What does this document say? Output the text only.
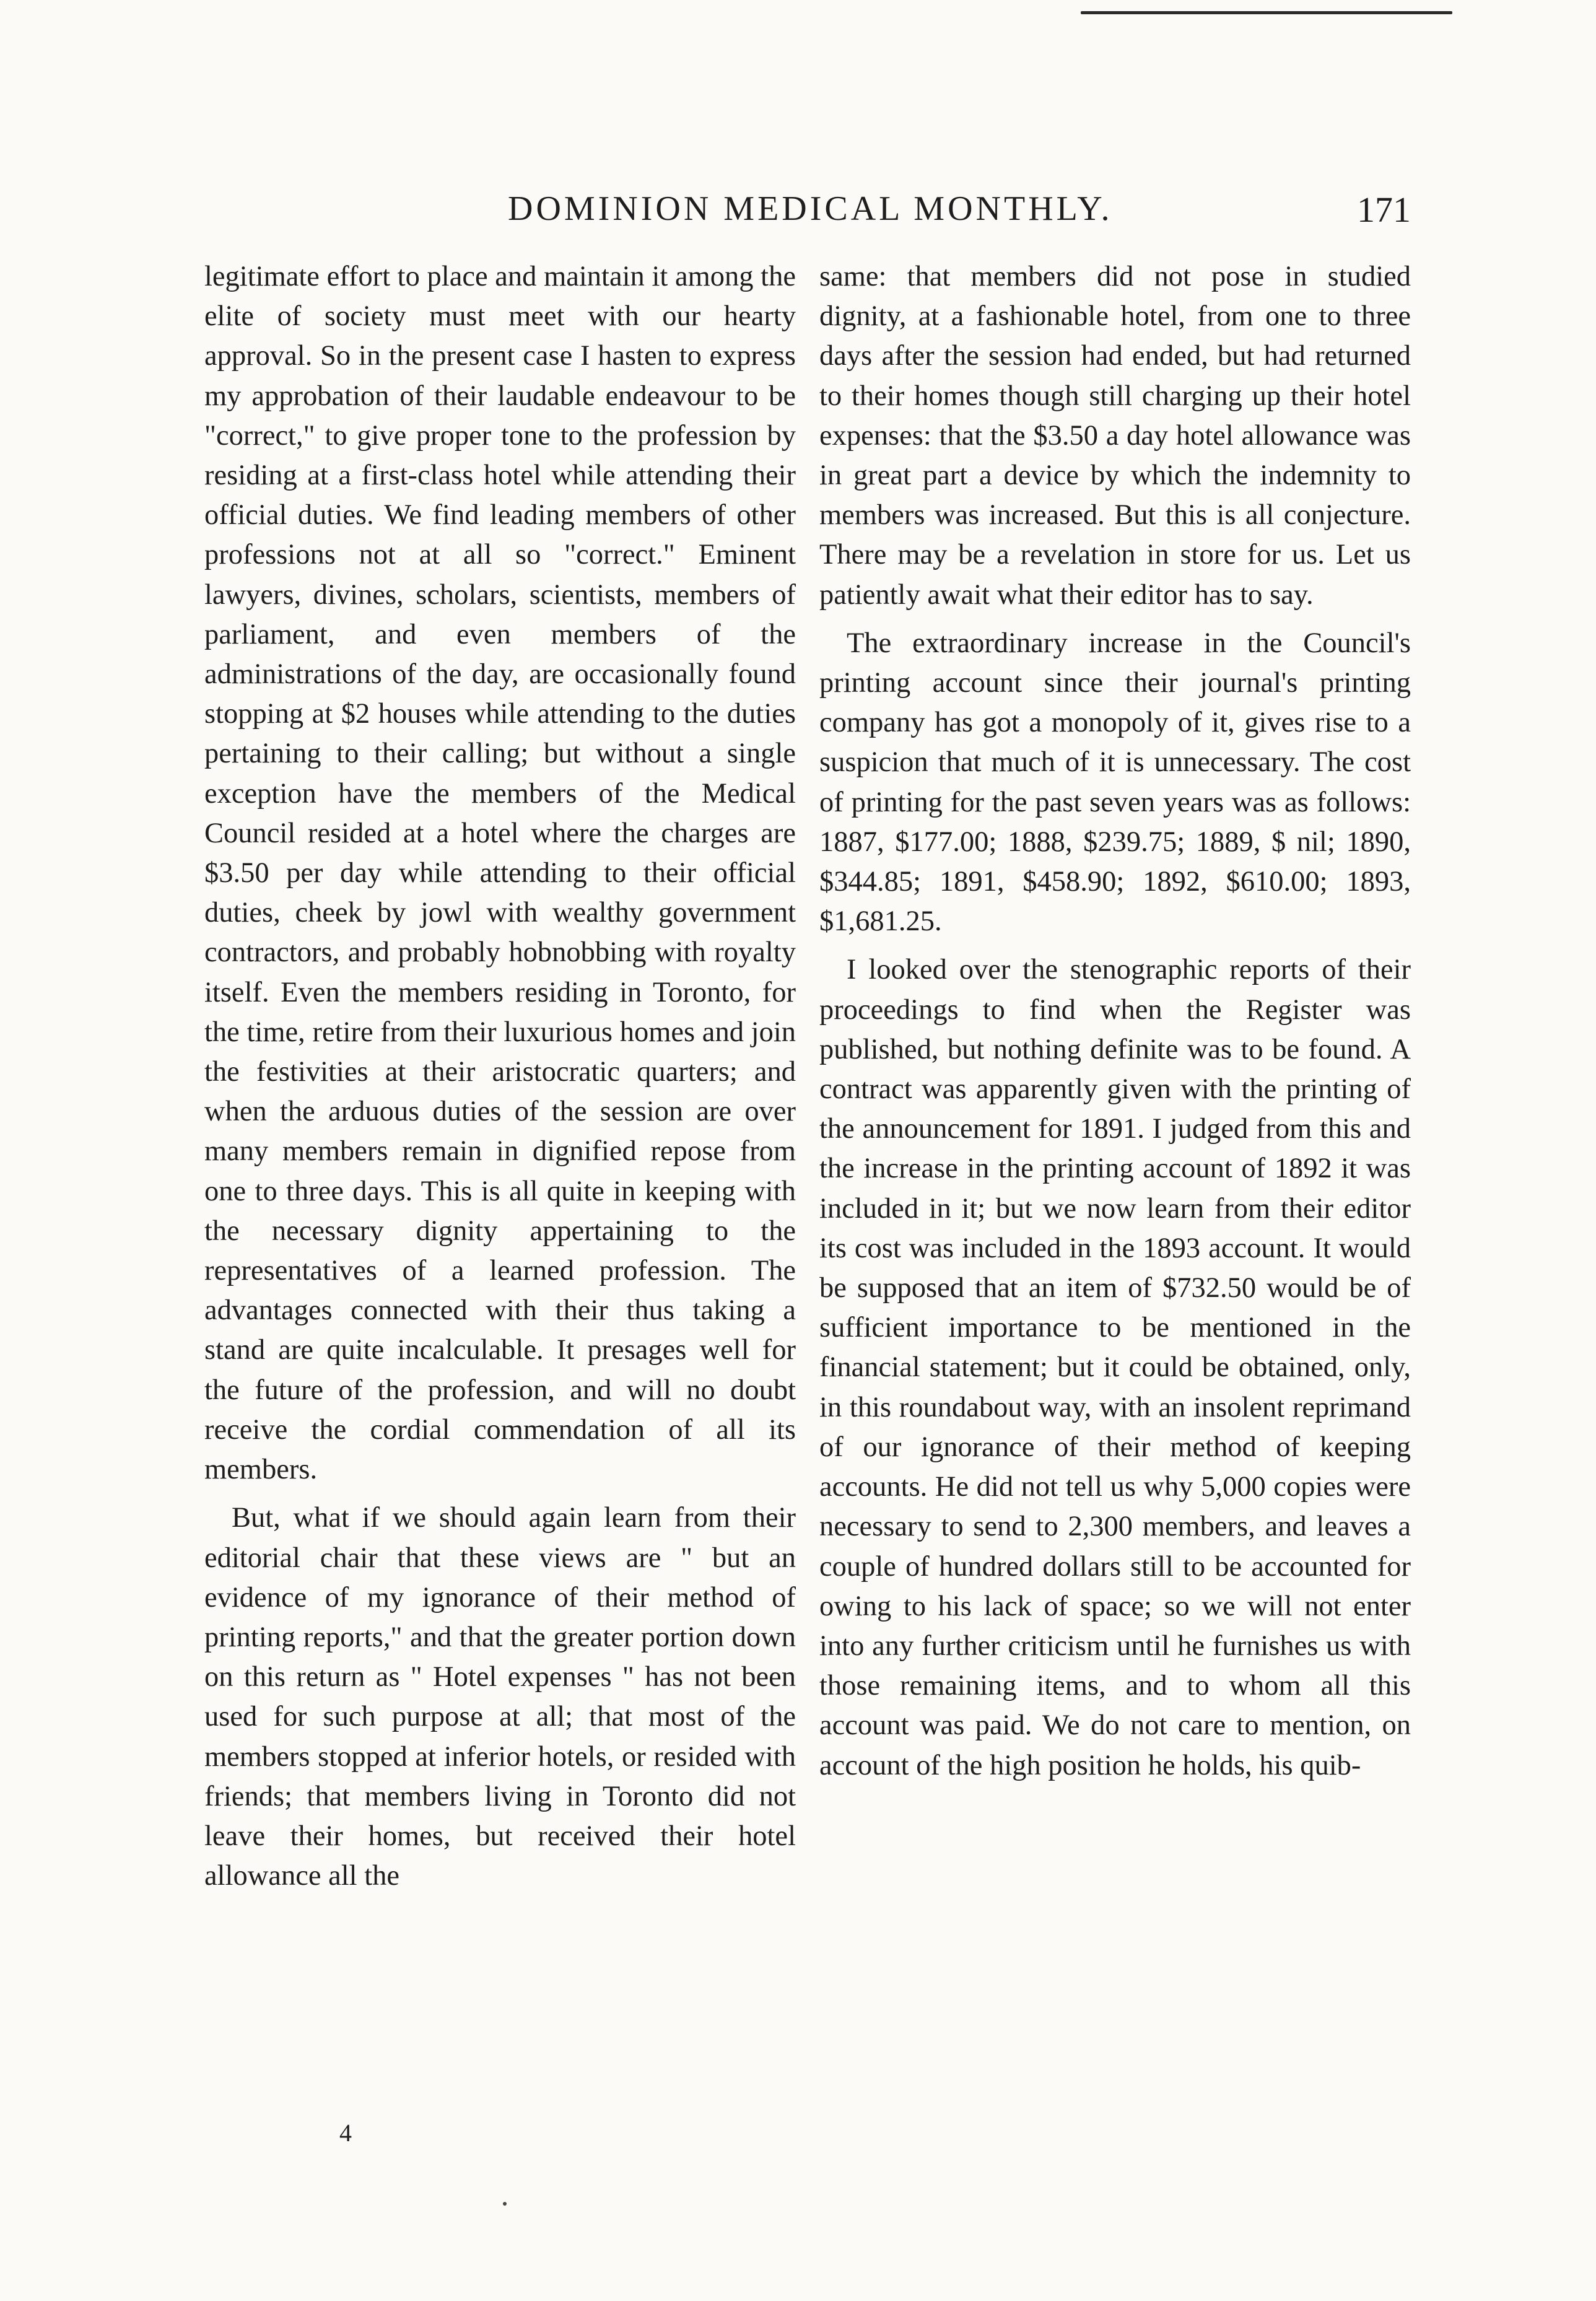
DOMINION MEDICAL MONTHLY.	171

legitimate effort to place and maintain it among the elite of society must meet with our hearty approval. So in the present case I hasten to express my approbation of their laudable endeavour to be "correct," to give proper tone to the profession by residing at a first-class hotel while attending their official duties. We find leading members of other professions not at all so "correct." Eminent lawyers, divines, scholars, scientists, members of parliament, and even members of the administrations of the day, are occasionally found stopping at $2 houses while attending to the duties pertaining to their calling; but without a single exception have the members of the Medical Council resided at a hotel where the charges are $3.50 per day while attending to their official duties, cheek by jowl with wealthy government contractors, and probably hobnobbing with royalty itself. Even the members residing in Toronto, for the time, retire from their luxurious homes and join the festivities at their aristocratic quarters; and when the arduous duties of the session are over many members remain in dignified repose from one to three days. This is all quite in keeping with the necessary dignity appertaining to the representatives of a learned profession. The advantages connected with their thus taking a stand are quite incalculable. It presages well for the future of the profession, and will no doubt receive the cordial commendation of all its members.

But, what if we should again learn from their editorial chair that these views are " but an evidence of my ignorance of their method of printing reports," and that the greater portion down on this return as " Hotel expenses " has not been used for such purpose at all; that most of the members stopped at inferior hotels, or resided with friends; that members living in Toronto did not leave their homes, but received their hotel allowance all the

same: that members did not pose in studied dignity, at a fashionable hotel, from one to three days after the session had ended, but had returned to their homes though still charging up their hotel expenses: that the $3.50 a day hotel allowance was in great part a device by which the indemnity to members was increased. But this is all conjecture. There may be a revelation in store for us. Let us patiently await what their editor has to say.

The extraordinary increase in the Council's printing account since their journal's printing company has got a monopoly of it, gives rise to a suspicion that much of it is unnecessary. The cost of printing for the past seven years was as follows: 1887, $177.00; 1888, $239.75; 1889, $ nil; 1890, $344.85; 1891, $458.90; 1892, $610.00; 1893, $1,681.25.

I looked over the stenographic reports of their proceedings to find when the Register was published, but nothing definite was to be found. A contract was apparently given with the printing of the announcement for 1891. I judged from this and the increase in the printing account of 1892 it was included in it; but we now learn from their editor its cost was included in the 1893 account. It would be supposed that an item of $732.50 would be of sufficient importance to be mentioned in the financial statement; but it could be obtained, only, in this roundabout way, with an insolent reprimand of our ignorance of their method of keeping accounts. He did not tell us why 5,000 copies were necessary to send to 2,300 members, and leaves a couple of hundred dollars still to be accounted for owing to his lack of space; so we will not enter into any further criticism until he furnishes us with those remaining items, and to whom all this account was paid. We do not care to mention, on account of the high position he holds, his quib-

4
